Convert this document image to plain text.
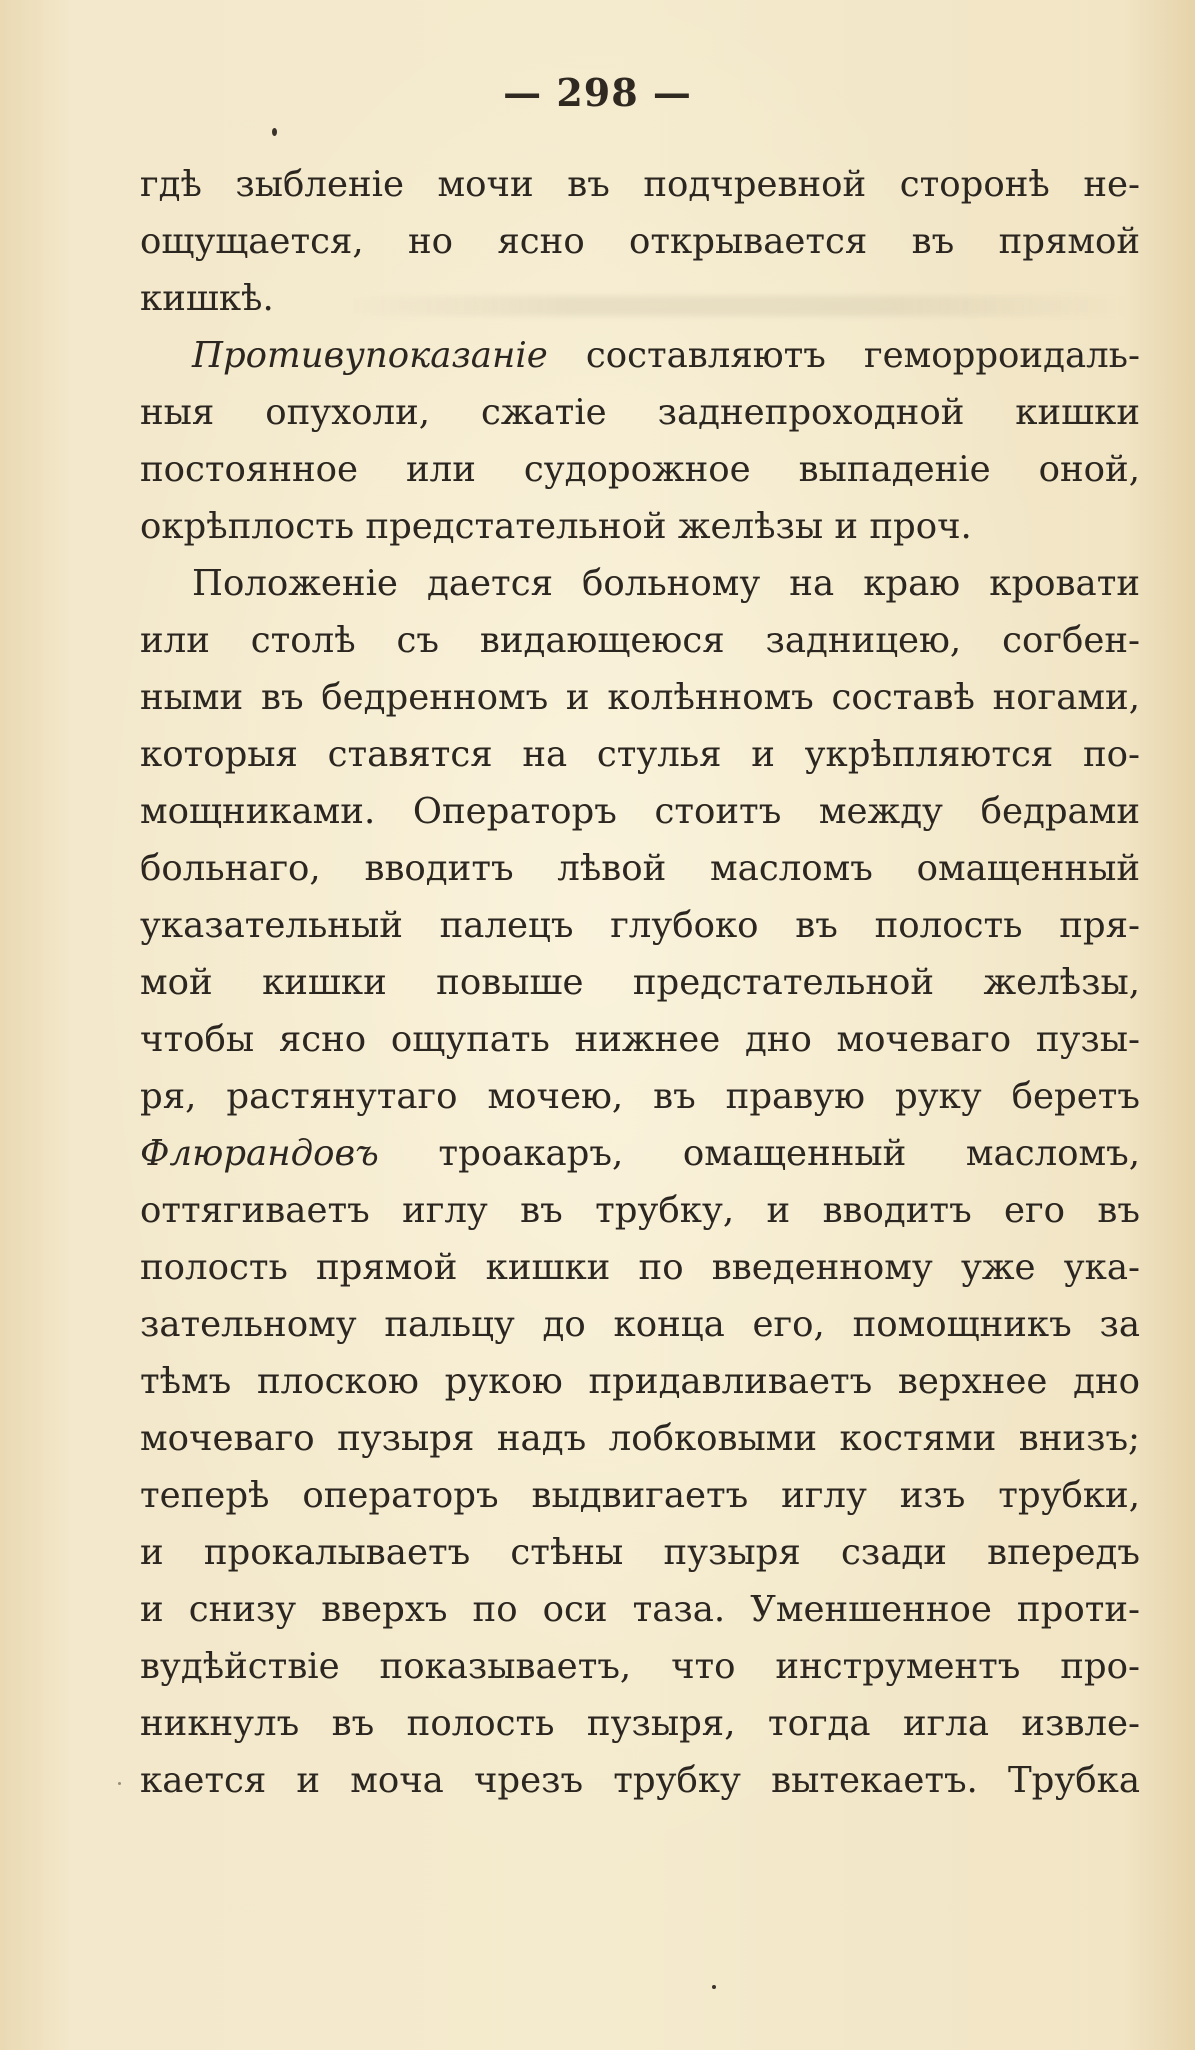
— 298 —
гдѣ зыбленіе мочи въ подчревной сторонѣ не-
ощущается, но ясно открывается въ прямой
кишкѣ.
Противупоказаніе составляютъ геморроидаль-
ныя опухоли, сжатіе заднепроходной кишки
постоянное или судорожное выпаденіе оной,
окрѣплость предстательной желѣзы и проч.
Положеніе дается больному на краю кровати
или столѣ съ видающеюся задницею, согбен-
ными въ бедренномъ и колѣнномъ составѣ ногами,
которыя ставятся на стулья и укрѣпляются по-
мощниками. Операторъ стоитъ между бедрами
больнаго, вводитъ лѣвой масломъ омащенный
указательный палецъ глубоко въ полость пря-
мой кишки повыше предстательной желѣзы,
чтобы ясно ощупать нижнее дно мочеваго пузы-
ря, растянутаго мочею, въ правую руку беретъ
Флюрандовъ троакаръ, омащенный масломъ,
оттягиваетъ иглу въ трубку, и вводитъ его въ
полость прямой кишки по введенному уже ука-
зательному пальцу до конца его, помощникъ за
тѣмъ плоскою рукою придавливаетъ верхнее дно
мочеваго пузыря надъ лобковыми костями внизъ;
теперѣ операторъ выдвигаетъ иглу изъ трубки,
и прокалываетъ стѣны пузыря сзади впередъ
и снизу вверхъ по оси таза. Уменшенное проти-
вудѣйствіе показываетъ, что инструментъ про-
никнулъ въ полость пузыря, тогда игла извле-
кается и моча чрезъ трубку вытекаетъ. Трубка
